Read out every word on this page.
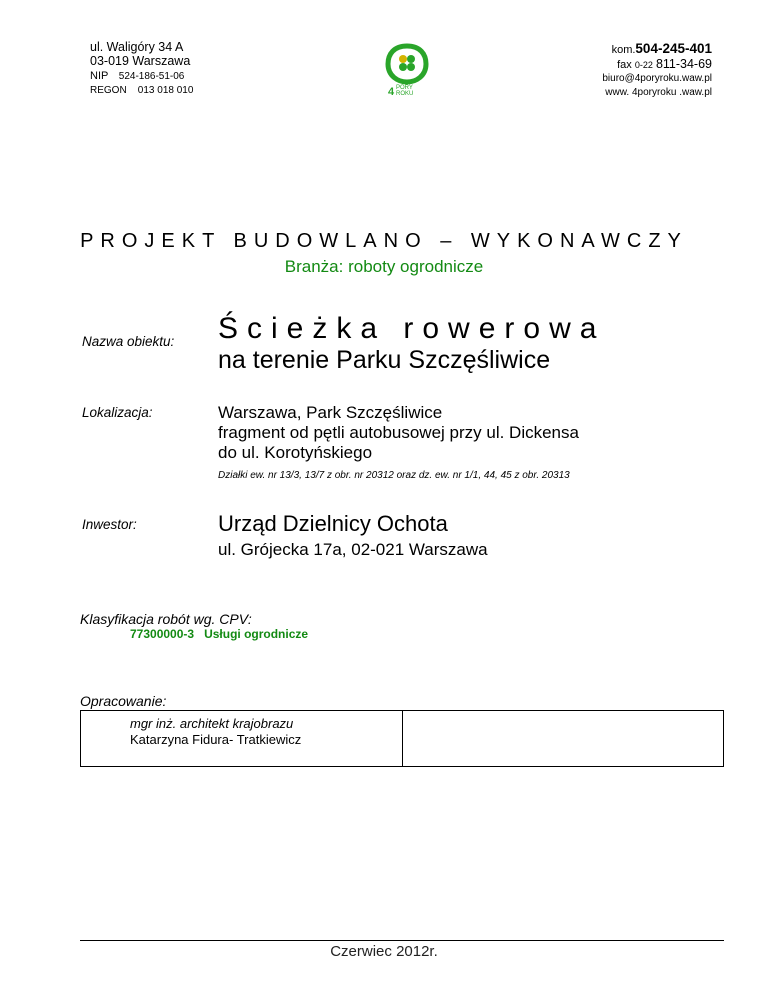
ul. Waligóry 34 A
03-019 Warszawa
NIP 524-186-51-06
REGON 013 018 010	4 PORY
ROKU
kom.504-245-401
fax 0-22 811-34-69
biuro@4poryroku.waw.pl
www. 4poryroku .waw.pl
PROJEKT BUDOWLANO – WYKONAWCZY
Branża: roboty ogrodnicze
Nazwa obiektu: Ścieżka rowerowa
na terenie Parku Szczęśliwice
Lokalizacja:	Warszawa, Park Szczęśliwice
fragment od pętli autobusowej przy ul. Dickensa
do ul. Korotyńskiego
Działki ew. nr 13/3, 13/7 z obr. nr 20312 oraz dz. ew. nr 1/1, 44, 45 z obr. 20313
Inwestor:	Urząd Dzielnicy Ochota
ul. Grójecka 17a, 02-021 Warszawa
Klasyfikacja robót wg. CPV:
77300000-3 Usługi ogrodnicze
Opracowanie:
mgr inż. architekt krajobrazu
Katarzyna Fidura- Tratkiewicz
Czerwiec 2012r.
